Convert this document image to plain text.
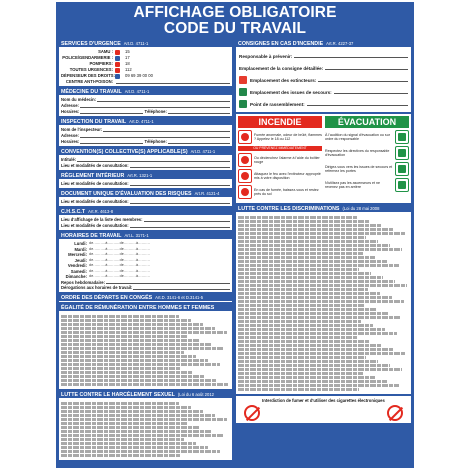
AFFICHAGE OBLIGATOIRE
CODE DU TRAVAIL
SERVICES D'URGENCE Art.D. 4711-1
SAMU :	15
POLICE/GENDARMERIE :	17
POMPIERS:	18
TOUTES URGENCES:	112
DÉFENSEUR DES DROITS: 09 69 39 00 00
CENTRE ANTI-POISON:
MÉDECINE DU TRAVAIL Art.D. 4711-1
Nom du médecin:
Adresse:
Horaires:	Téléphone:
INSPECTION DU TRAVAIL Art.D. 4711-1
Nom de l'inspecteur:
Adresse:
Horaires:	Téléphone:
CONVENTION(S) COLLECTIVE(S) APPLICABLE(S) Art.D. 4711-1
Intitulé:
Lieu et modalités de consultation:
RÈGLEMENT INTÉRIEUR Art.R. 1321-1
Lieu et modalités de consultation:
DOCUMENT UNIQUE D'ÉVALUATION DES RISQUES Art.R. 4121-4
Lieu et modalités de consultation:
C.H.S.C.T Art.R. 4613-8
Lieu d'affichage de la liste des membres:
Lieu et modalités de consultation:
HORAIRES DE TRAVAIL Art.L. 3171-1
Lundi: de..........à..........de..........à..........
Mardi: de..........à..........de..........à..........
Mercredi: de..........à..........de..........à..........
Jeudi: de..........à..........de..........à..........
Vendredi: de..........à..........de..........à..........
Samedi: de..........à..........de..........à..........
Dimanche: de..........à..........de..........à..........
Repos hebdomadaire:
Dérogations aux horaires de travail:
ORDRE DES DÉPARTS EN CONGÉS Art.D. 3141-6 et D.3141-5
ÉGALITÉ DE RÉMUNÉRATION ENTRE HOMMES ET FEMMES
LUTTE CONTRE LE HARCÈLEMENT SEXUEL (Loi du 6 août 2012
CONSIGNES EN CAS D'INCENDIE Art.R. 4227-37
Responsable à prévenir:
Emplacement de la consigne détaillée:
Emplacement des extincteurs:
Emplacement des issues de secours:
Point de rassemblement:
INCENDIE
Fumée anormale, odeur de brûlé, flammes ? Appelez le 18 ou 112
OU PRÉVENEZ IMMÉDIATEMENT
Ou déclenchez l'alarme à l'aide du boîtier rouge
Attaquez le feu avec l'extincteur approprié mis à votre disposition
En cas de fumée, baissez-vous et restez près du sol
ÉVACUATION
À l'audition du signal d'évacuation ou sur ordre du responsable
Respectez les directives du responsable d'évacuation
Dirigez-vous vers les issues de secours et refermez les portes
N'utilisez pas les ascenseurs et ne revenez pas en arrière
LUTTE CONTRE LES DISCRIMINATIONS (Loi du 28 mai 2008
Interdiction de fumer et d'utiliser des cigarettes électroniques
